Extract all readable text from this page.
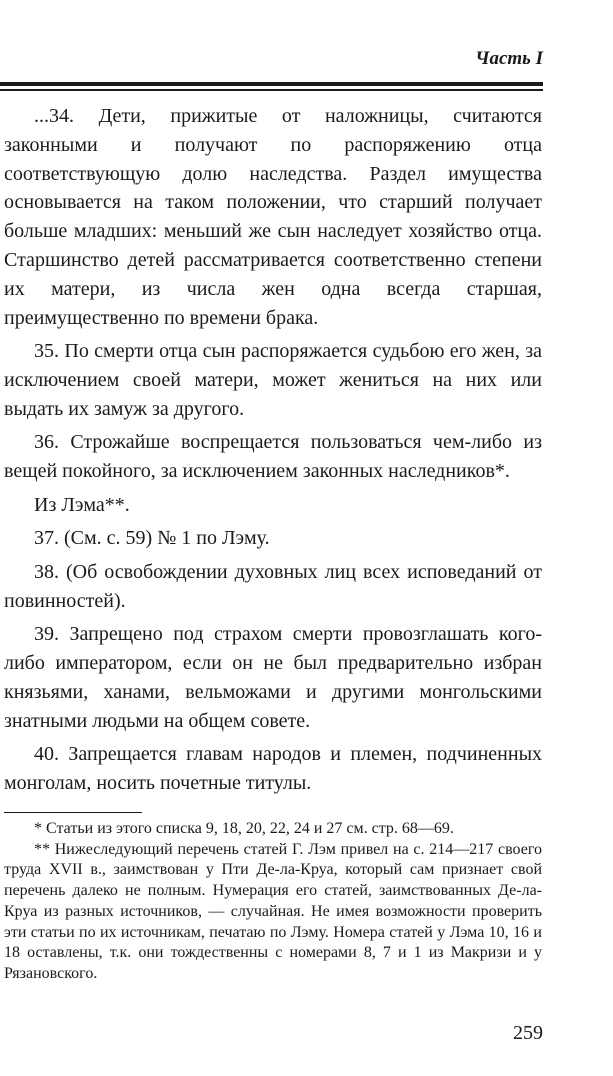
Часть I

...34. Дети, прижитые от наложницы, считаются законными и получают по распоряжению отца соответствующую долю наследства. Раздел имущества основывается на таком положении, что старший получает больше младших: меньший же сын наследует хозяйство отца. Старшинство детей рассматривается соответственно степени их матери, из числа жен одна всегда старшая, преимущественно по времени брака.

35. По смерти отца сын распоряжается судьбою его жен, за исключением своей матери, может жениться на них или выдать их замуж за другого.

36. Строжайше воспрещается пользоваться чем-либо из вещей покойного, за исключением законных наследников*.

Из Лэма**.

37. (См. с. 59) № 1 по Лэму.

38. (Об освобождении духовных лиц всех исповеданий от повинностей).

39. Запрещено под страхом смерти провозглашать кого-либо императором, если он не был предварительно избран князьями, ханами, вельможами и другими монгольскими знатными людьми на общем совете.

40. Запрещается главам народов и племен, подчиненных монголам, носить почетные титулы.

* Статьи из этого списка 9, 18, 20, 22, 24 и 27 см. стр. 68—69.

** Нижеследующий перечень статей Г. Лэм привел на с. 214—217 своего труда XVII в., заимствован у Пти Де-ла-Круа, который сам признает свой перечень далеко не полным. Нумерация его статей, заимствованных Де-ла-Круа из разных источников, — случайная. Не имея возможности проверить эти статьи по их источникам, печатаю по Лэму. Номера статей у Лэма 10, 16 и 18 оставлены, т.к. они тождественны с номерами 8, 7 и 1 из Макризи и у Рязановского.

259
